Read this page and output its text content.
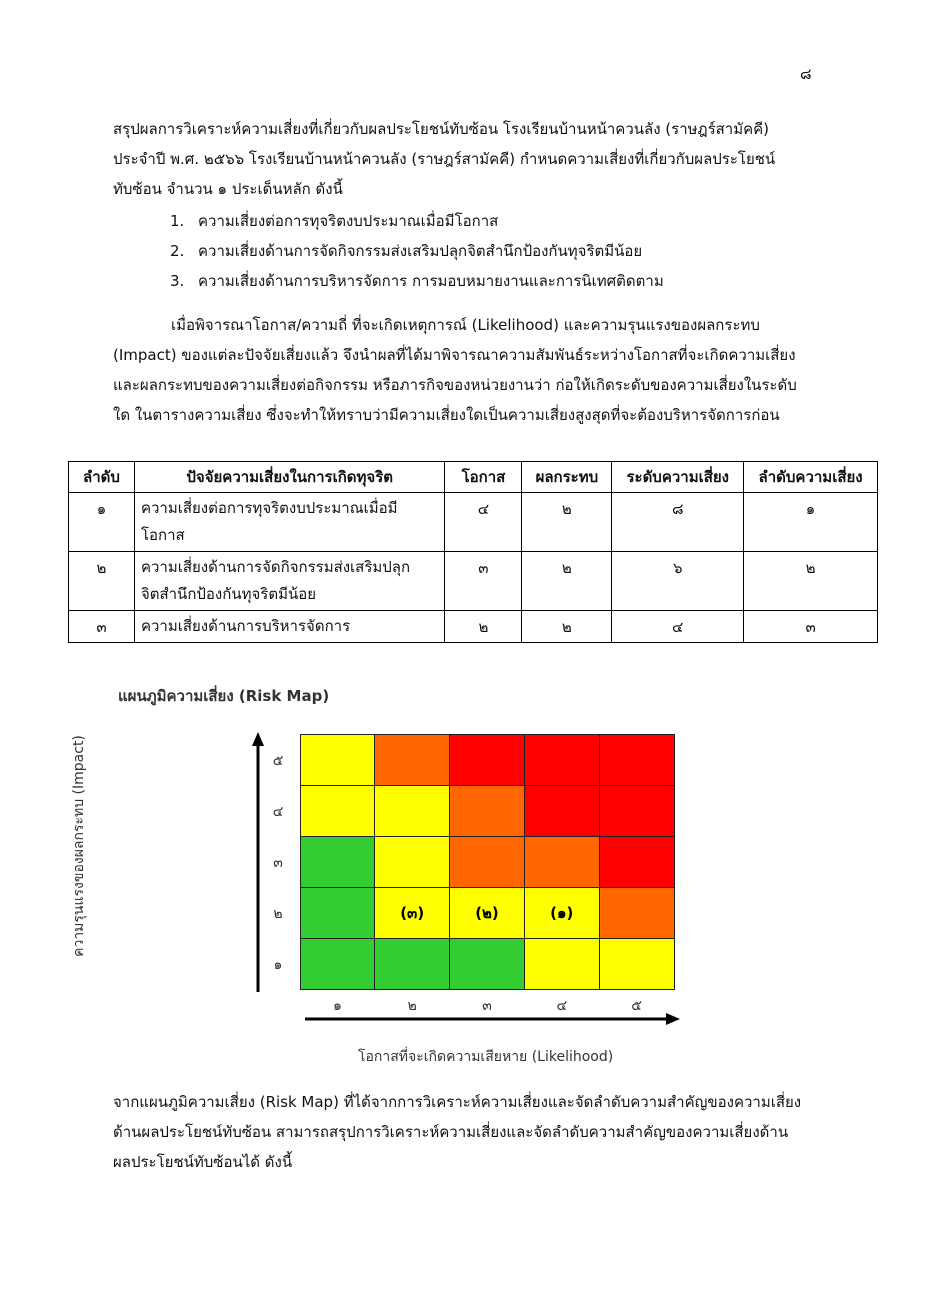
๘
สรุปผลการวิเคราะห์ความเสี่ยงที่เกี่ยวกับผลประโยชน์ทับซ้อน โรงเรียนบ้านหน้าควนลัง (ราษฎร์สามัคคี)
ประจำปี พ.ศ. ๒๕๖๖ โรงเรียนบ้านหน้าควนลัง (ราษฎร์สามัคคี) กำหนดความเสี่ยงที่เกี่ยวกับผลประโยชน์
ทับซ้อน จำนวน ๑ ประเด็นหลัก ดังนี้
1. ความเสี่ยงต่อการทุจริตงบประมาณเมื่อมีโอกาส
2. ความเสี่ยงด้านการจัดกิจกรรมส่งเสริมปลุกจิตสำนึกป้องกันทุจริตมีน้อย
3. ความเสี่ยงด้านการบริหารจัดการ การมอบหมายงานและการนิเทศติดตาม
เมื่อพิจารณาโอกาส/ความถี่ ที่จะเกิดเหตุการณ์ (Likelihood) และความรุนแรงของผลกระทบ
(Impact) ของแต่ละปัจจัยเสี่ยงแล้ว จึงนำผลที่ได้มาพิจารณาความสัมพันธ์ระหว่างโอกาสที่จะเกิดความเสี่ยง
และผลกระทบของความเสี่ยงต่อกิจกรรม หรือภารกิจของหน่วยงานว่า ก่อให้เกิดระดับของความเสี่ยงในระดับ
ใด ในตารางความเสี่ยง ซึ่งจะทำให้ทราบว่ามีความเสี่ยงใดเป็นความเสี่ยงสูงสุดที่จะต้องบริหารจัดการก่อน
ลำดับ	ปัจจัยความเสี่ยงในการเกิดทุจริต	โอกาส	ผลกระทบ	ระดับความเสี่ยง	ลำดับความเสี่ยง
๑	ความเสี่ยงต่อการทุจริตงบประมาณเมื่อมี
โอกาส	๔	๒	๘	๑
๒	ความเสี่ยงด้านการจัดกิจกรรมส่งเสริมปลุก
จิตสำนึกป้องกันทุจริตมีน้อย	๓	๒	๖	๒
๓	ความเสี่ยงด้านการบริหารจัดการ	๒	๒	๔	๓
แผนภูมิความเสี่ยง (Risk Map)
(๓)	(๒)	(๑)
๑	๒	๓	๔	๕
๕
๔
๓
๒
๑
ความรุนแรงของผลกระทบ (Impact)
โอกาสที่จะเกิดความเสียหาย (Likelihood)
จากแผนภูมิความเสี่ยง (Risk Map) ที่ได้จากการวิเคราะห์ความเสี่ยงและจัดลำดับความสำคัญของความเสี่ยง
ด้านผลประโยชน์ทับซ้อน สามารถสรุปการวิเคราะห์ความเสี่ยงและจัดลำดับความสำคัญของความเสี่ยงด้าน
ผลประโยชน์ทับซ้อนได้ ดังนี้
